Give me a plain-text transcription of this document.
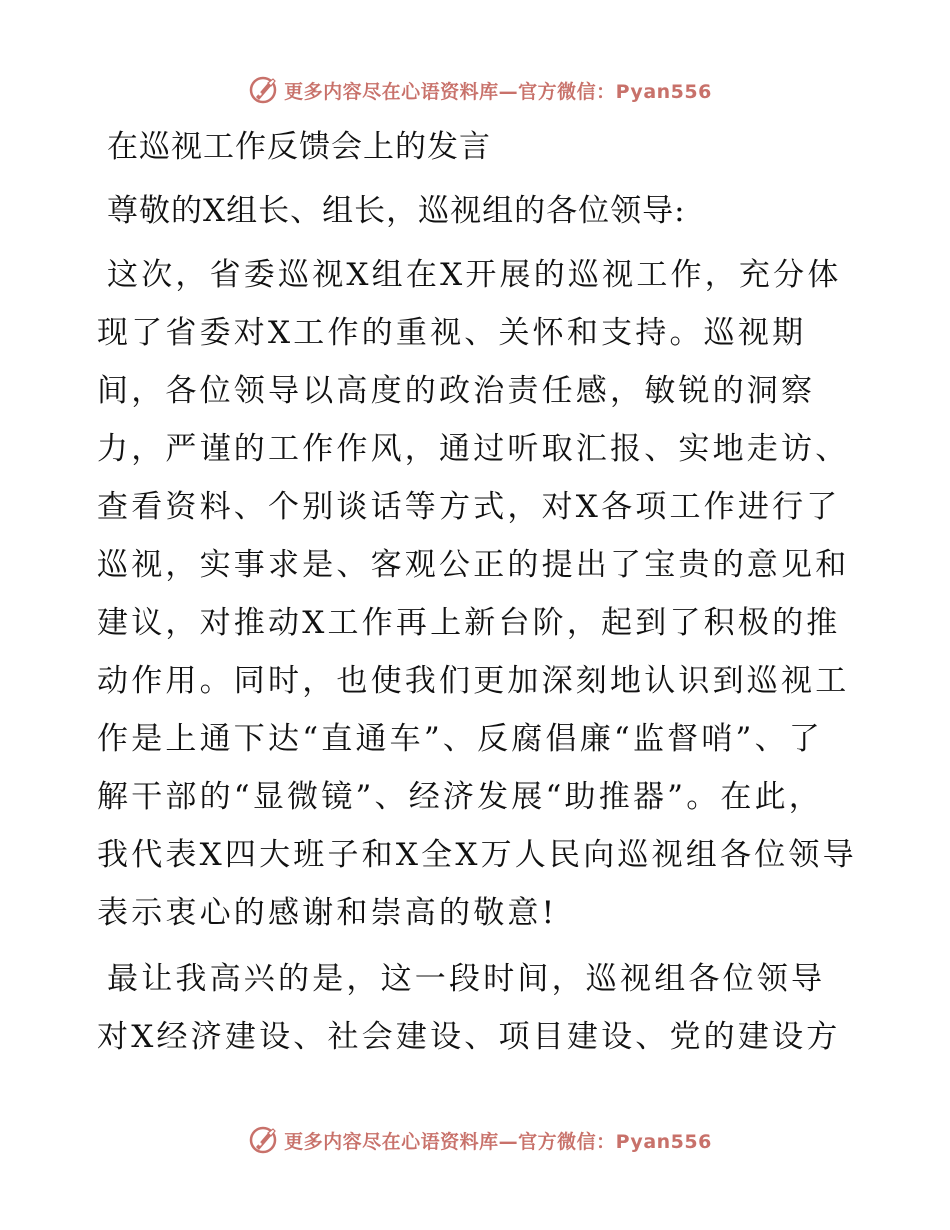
更多内容尽在心语资料库—官方微信：Pyan556
在巡视工作反馈会上的发言
尊敬的X组长、组长，巡视组的各位领导:
这次，省委巡视X组在X开展的巡视工作，充分体现了省委对X工作的重视、关怀和支持。巡视期间，各位领导以高度的政治责任感，敏锐的洞察力，严谨的工作作风，通过听取汇报、实地走访、查看资料、个别谈话等方式，对X各项工作进行了巡视，实事求是、客观公正的提出了宝贵的意见和建议，对推动X工作再上新台阶，起到了积极的推动作用。同时，也使我们更加深刻地认识到巡视工作是上通下达“直通车”、反腐倡廉“监督哨”、了解干部的“显微镜”、经济发展“助推器”。在此，我代表X四大班子和X全X万人民向巡视组各位领导表示衷心的感谢和崇高的敬意!
最让我高兴的是，这一段时间，巡视组各位领导对X经济建设、社会建设、项目建设、党的建设方
更多内容尽在心语资料库—官方微信：Pyan556
